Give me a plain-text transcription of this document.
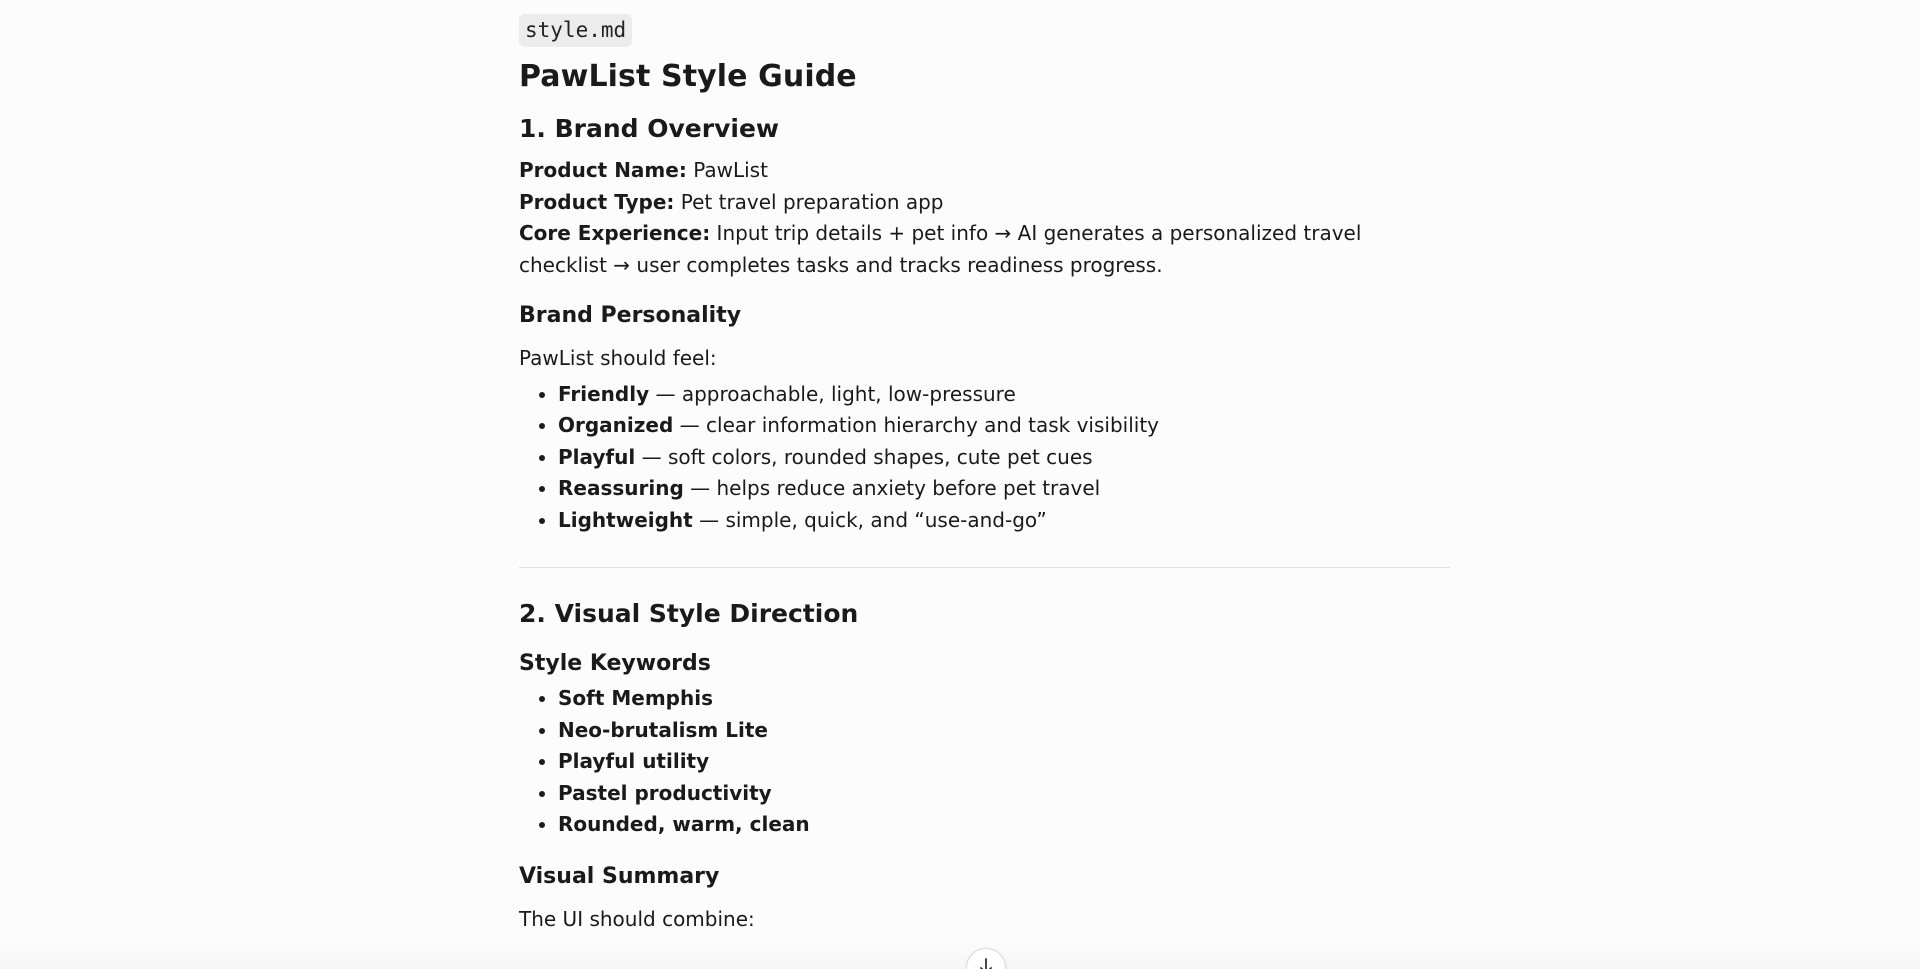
style.md
PawList Style Guide
1. Brand Overview

Product Name: PawList

Product Type: Pet travel preparation app

Core Experience: Input trip details + pet info → AI generates a personalized travel checklist → user completes tasks and tracks readiness progress.

Brand Personality

PawList should feel:

• Friendly — approachable, light, low-pressure
• Organized — clear information hierarchy and task visibility
• Playful — soft colors, rounded shapes, cute pet cues
• Reassuring — helps reduce anxiety before pet travel
• Lightweight — simple, quick, and “use-and-go”
2. Visual Style Direction
Style Keywords
• Soft Memphis
• Neo-brutalism Lite
• Playful utility
• Pastel productivity
• Rounded, warm, clean
Visual Summary

The UI should combine:
